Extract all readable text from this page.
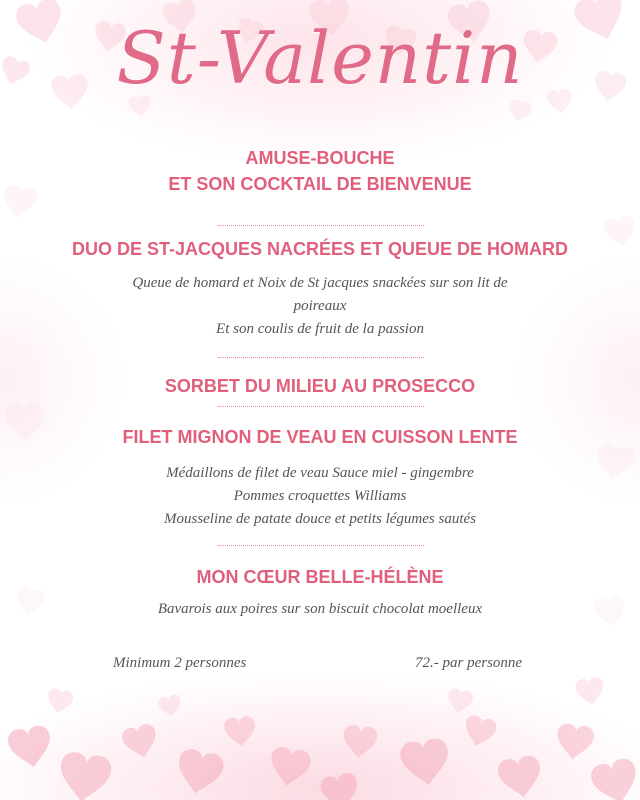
St-Valentin
AMUSE-BOUCHE
ET SON COCKTAIL DE BIENVENUE
DUO DE ST-JACQUES NACRÉES ET QUEUE DE HOMARD
Queue de homard et Noix de St jacques snackées sur son lit de
poireaux
Et son coulis de fruit de la passion
SORBET DU MILIEU AU PROSECCO
FILET MIGNON DE VEAU EN CUISSON LENTE
Médaillons de filet de veau Sauce miel - gingembre
Pommes croquettes Williams
Mousseline de patate douce et petits légumes sautés
MON CŒUR BELLE-HÉLÈNE
Bavarois aux poires sur son biscuit chocolat moelleux
Minimum 2 personnes	72.- par personne
